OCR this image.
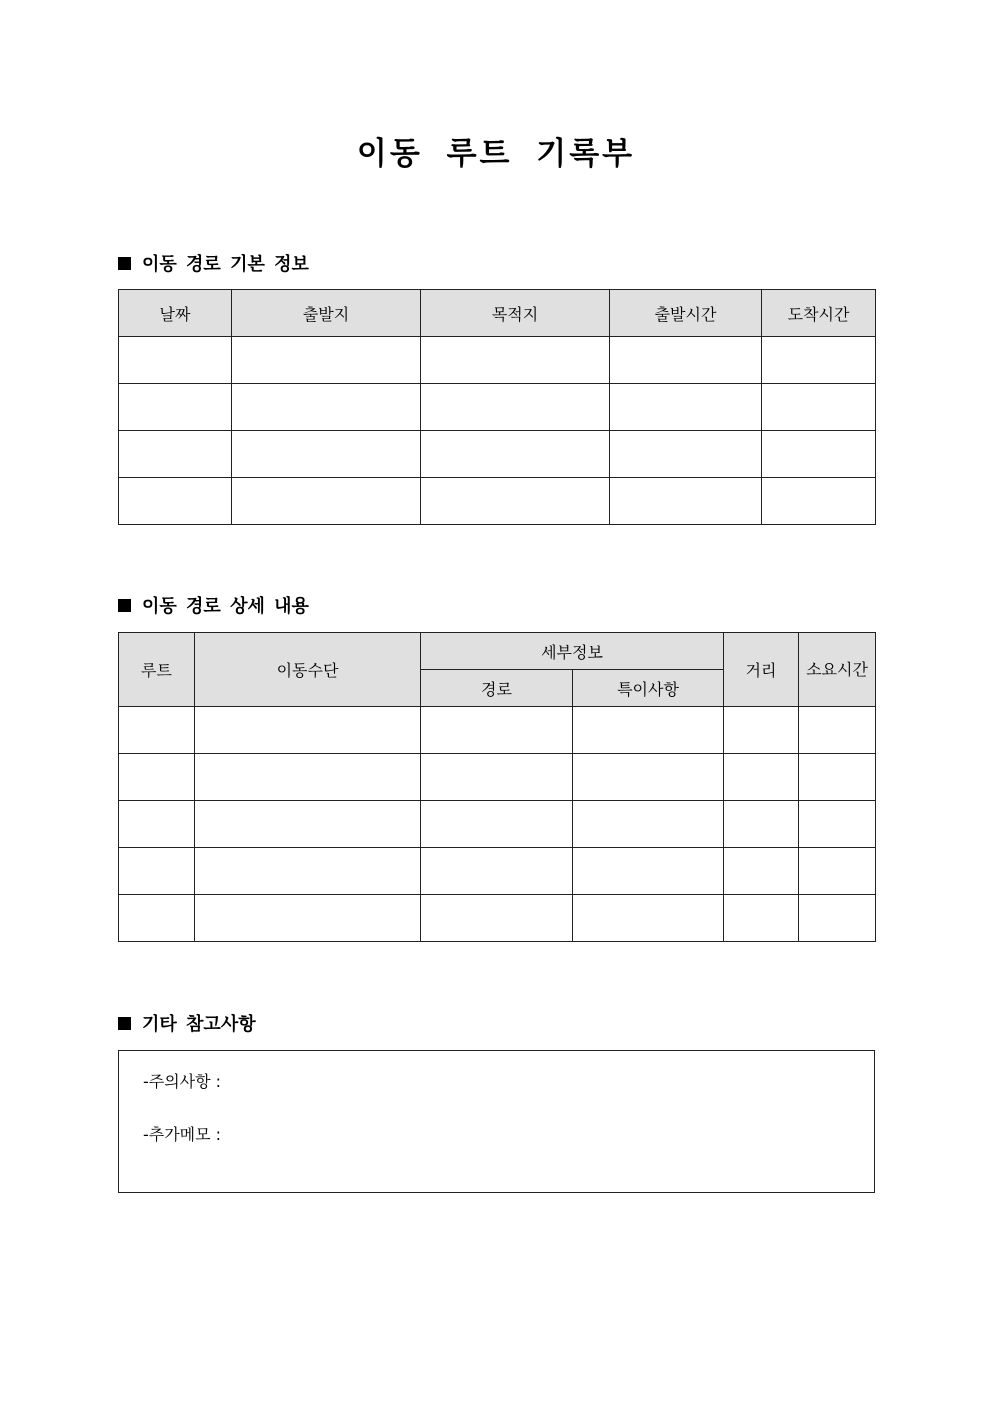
이동 루트 기록부
이동 경로 기본 정보
날짜	출발지	목적지	출발시간	도착시간

이동 경로 상세 내용
루트	이동수단	세부정보		거리	소요시간
		경로	특이사항		

기타 참고사항
-주의사항 :
-추가메모 :
